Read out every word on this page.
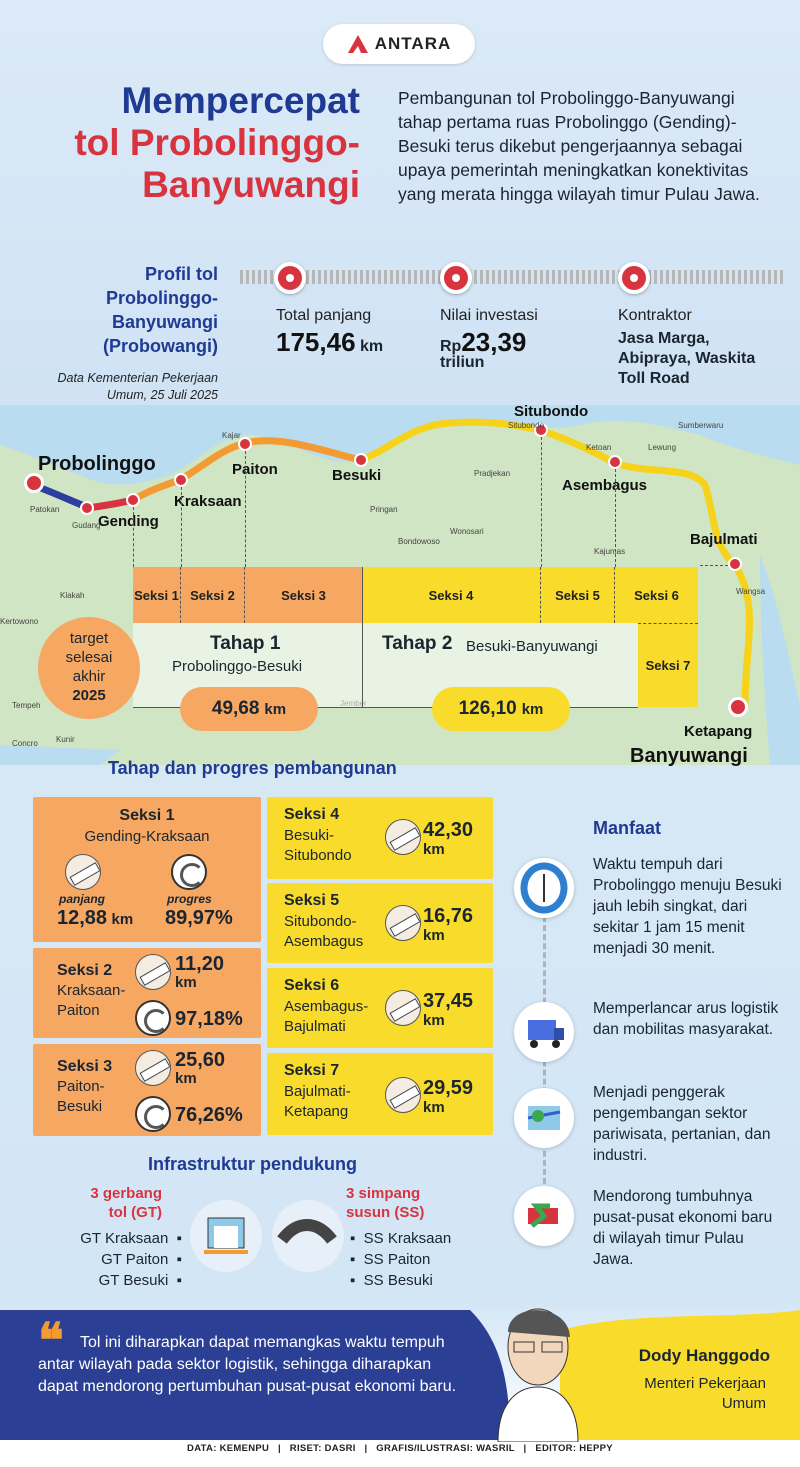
ANTARA
Mempercepat
tol Probolinggo-
Banyuwangi
Pembangunan tol Probolinggo-Banyuwangi tahap pertama ruas Probolinggo (Gending)-Besuki terus dikebut pengerjaannya sebagai upaya pemerintah meningkatkan konektivitas yang merata hingga wilayah timur Pulau Jawa.
Profil tol Probolinggo-Banyuwangi (Probowangi)
Data Kementerian Pekerjaan Umum, 25 Juli 2025
Total panjang
175,46 km
Nilai investasi
Rp23,39
triliun
Kontraktor
Jasa Marga, Abipraya, Waskita Toll Road
Probolinggo
Gending
Kraksaan
Paiton	Besuki
Situbondo
Asembagus
Bajulmati
Ketapang
Banyuwangi
Patokan
Gudang
Kertowono
Klakah
Tempeh
Concro Kunir
Pringan
Bondowoso
Wonosari
Pradjekan
Sumberwaru
Lewung
Wangsa
Ketoan
Kajumas
Situbondo
Kajar
Seksi 1 Seksi 2	Seksi 3	Seksi 4	Seksi 5	Seksi 6
Seksi 7
Tahap 1
Probolinggo-Besuki
Tahap 2 Besuki-Banyuwangi
49,68 km	126,10 km
target
selesai
akhir
2025
Tahap dan progres pembangunan
Seksi 1
Gending-Kraksaan
panjang	progres
12,88 km 89,97%
Seksi 2
Kraksaan-
Paiton
11,20
km
97,18%
Seksi 3
Paiton-
Besuki
25,60
km
76,26%
Seksi 4
Besuki-
Situbondo
42,30
km
Seksi 5
Situbondo-
Asembagus
16,76
km
Seksi 6
Asembagus-
Bajulmati
37,45
km
Seksi 7
Bajulmati-
Ketapang
29,59
km
Manfaat
Waktu tempuh dari Probolinggo menuju Besuki jauh lebih singkat, dari sekitar 1 jam 15 menit menjadi 30 menit.
Memperlancar arus logistik dan mobilitas masyarakat.
Menjadi penggerak pengembangan sektor pariwisata, pertanian, dan industri.
Mendorong tumbuhnya pusat-pusat ekonomi baru di wilayah timur Pulau Jawa.
Infrastruktur pendukung
3 gerbang
tol (GT)
GT Kraksaan  ▪
GT Paiton  ▪
GT Besuki  ▪
3 simpang
susun (SS)
▪  SS Kraksaan
▪  SS Paiton
▪  SS Besuki
❝	Tol ini diharapkan dapat memangkas waktu tempuh antar wilayah pada sektor logistik, sehingga diharapkan dapat mendorong pertumbuhan pusat-pusat ekonomi baru.
Dody Hanggodo
Menteri Pekerjaan
Umum
DATA: KEMENPU   |   RISET: DASRI   |   GRAFIS/ILUSTRASI: WASRIL   |   EDITOR: HEPPY
